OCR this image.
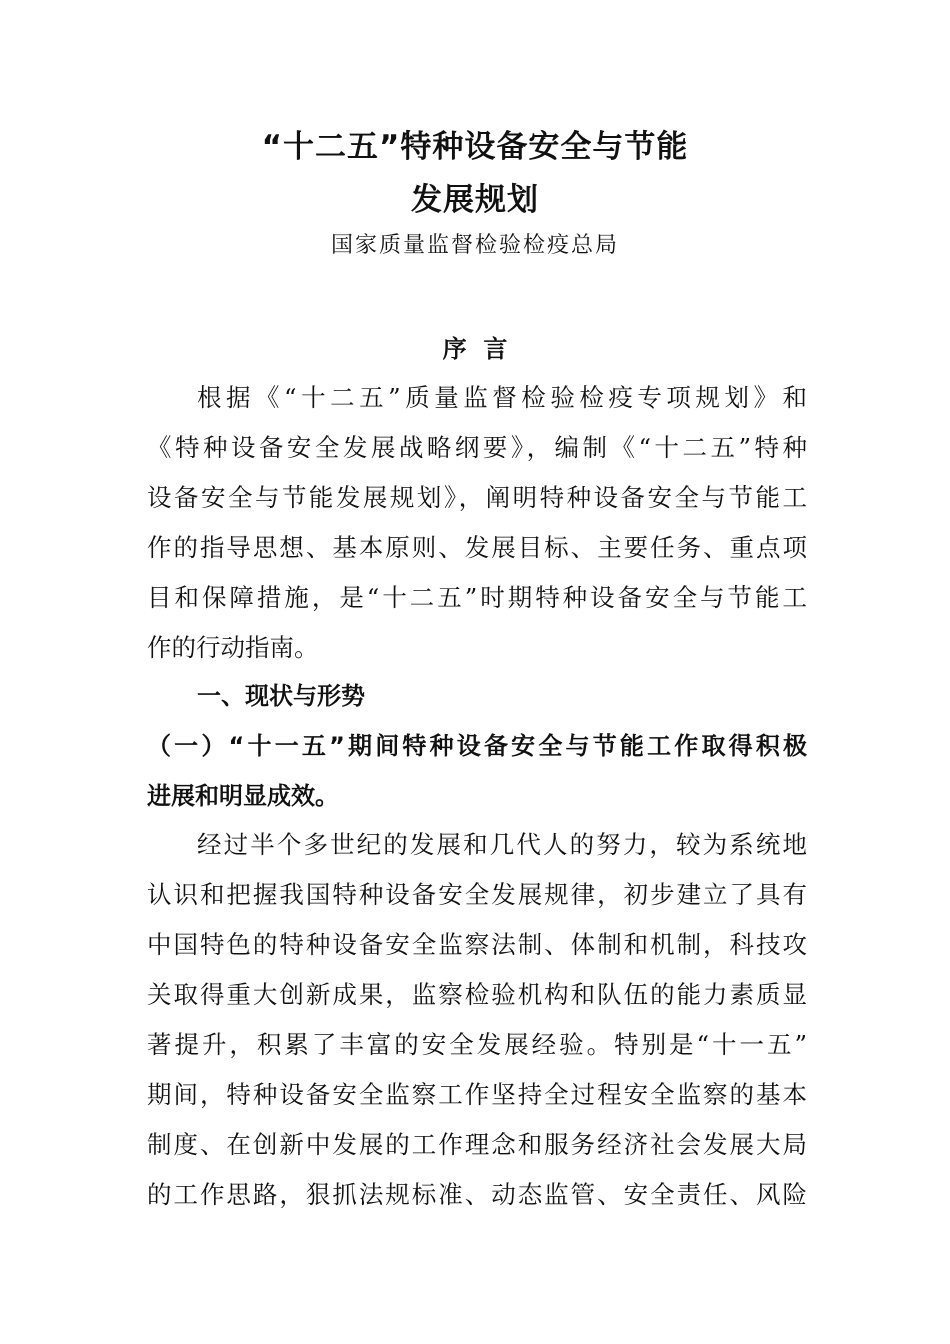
“十二五”特种设备安全与节能
发展规划
国家质量监督检验检疫总局
序  言
根据《“十二五”质量监督检验检疫专项规划》和
《特种设备安全发展战略纲要》，编制《“十二五”特种
设备安全与节能发展规划》，阐明特种设备安全与节能工
作的指导思想、基本原则、发展目标、主要任务、重点项
目和保障措施，是“十二五”时期特种设备安全与节能工
作的行动指南。
一、现状与形势
（一）“十一五”期间特种设备安全与节能工作取得积极
进展和明显成效。
经过半个多世纪的发展和几代人的努力，较为系统地
认识和把握我国特种设备安全发展规律，初步建立了具有
中国特色的特种设备安全监察法制、体制和机制，科技攻
关取得重大创新成果，监察检验机构和队伍的能力素质显
著提升，积累了丰富的安全发展经验。特别是“十一五”
期间，特种设备安全监察工作坚持全过程安全监察的基本
制度、在创新中发展的工作理念和服务经济社会发展大局
的工作思路，狠抓法规标准、动态监管、安全责任、风险
